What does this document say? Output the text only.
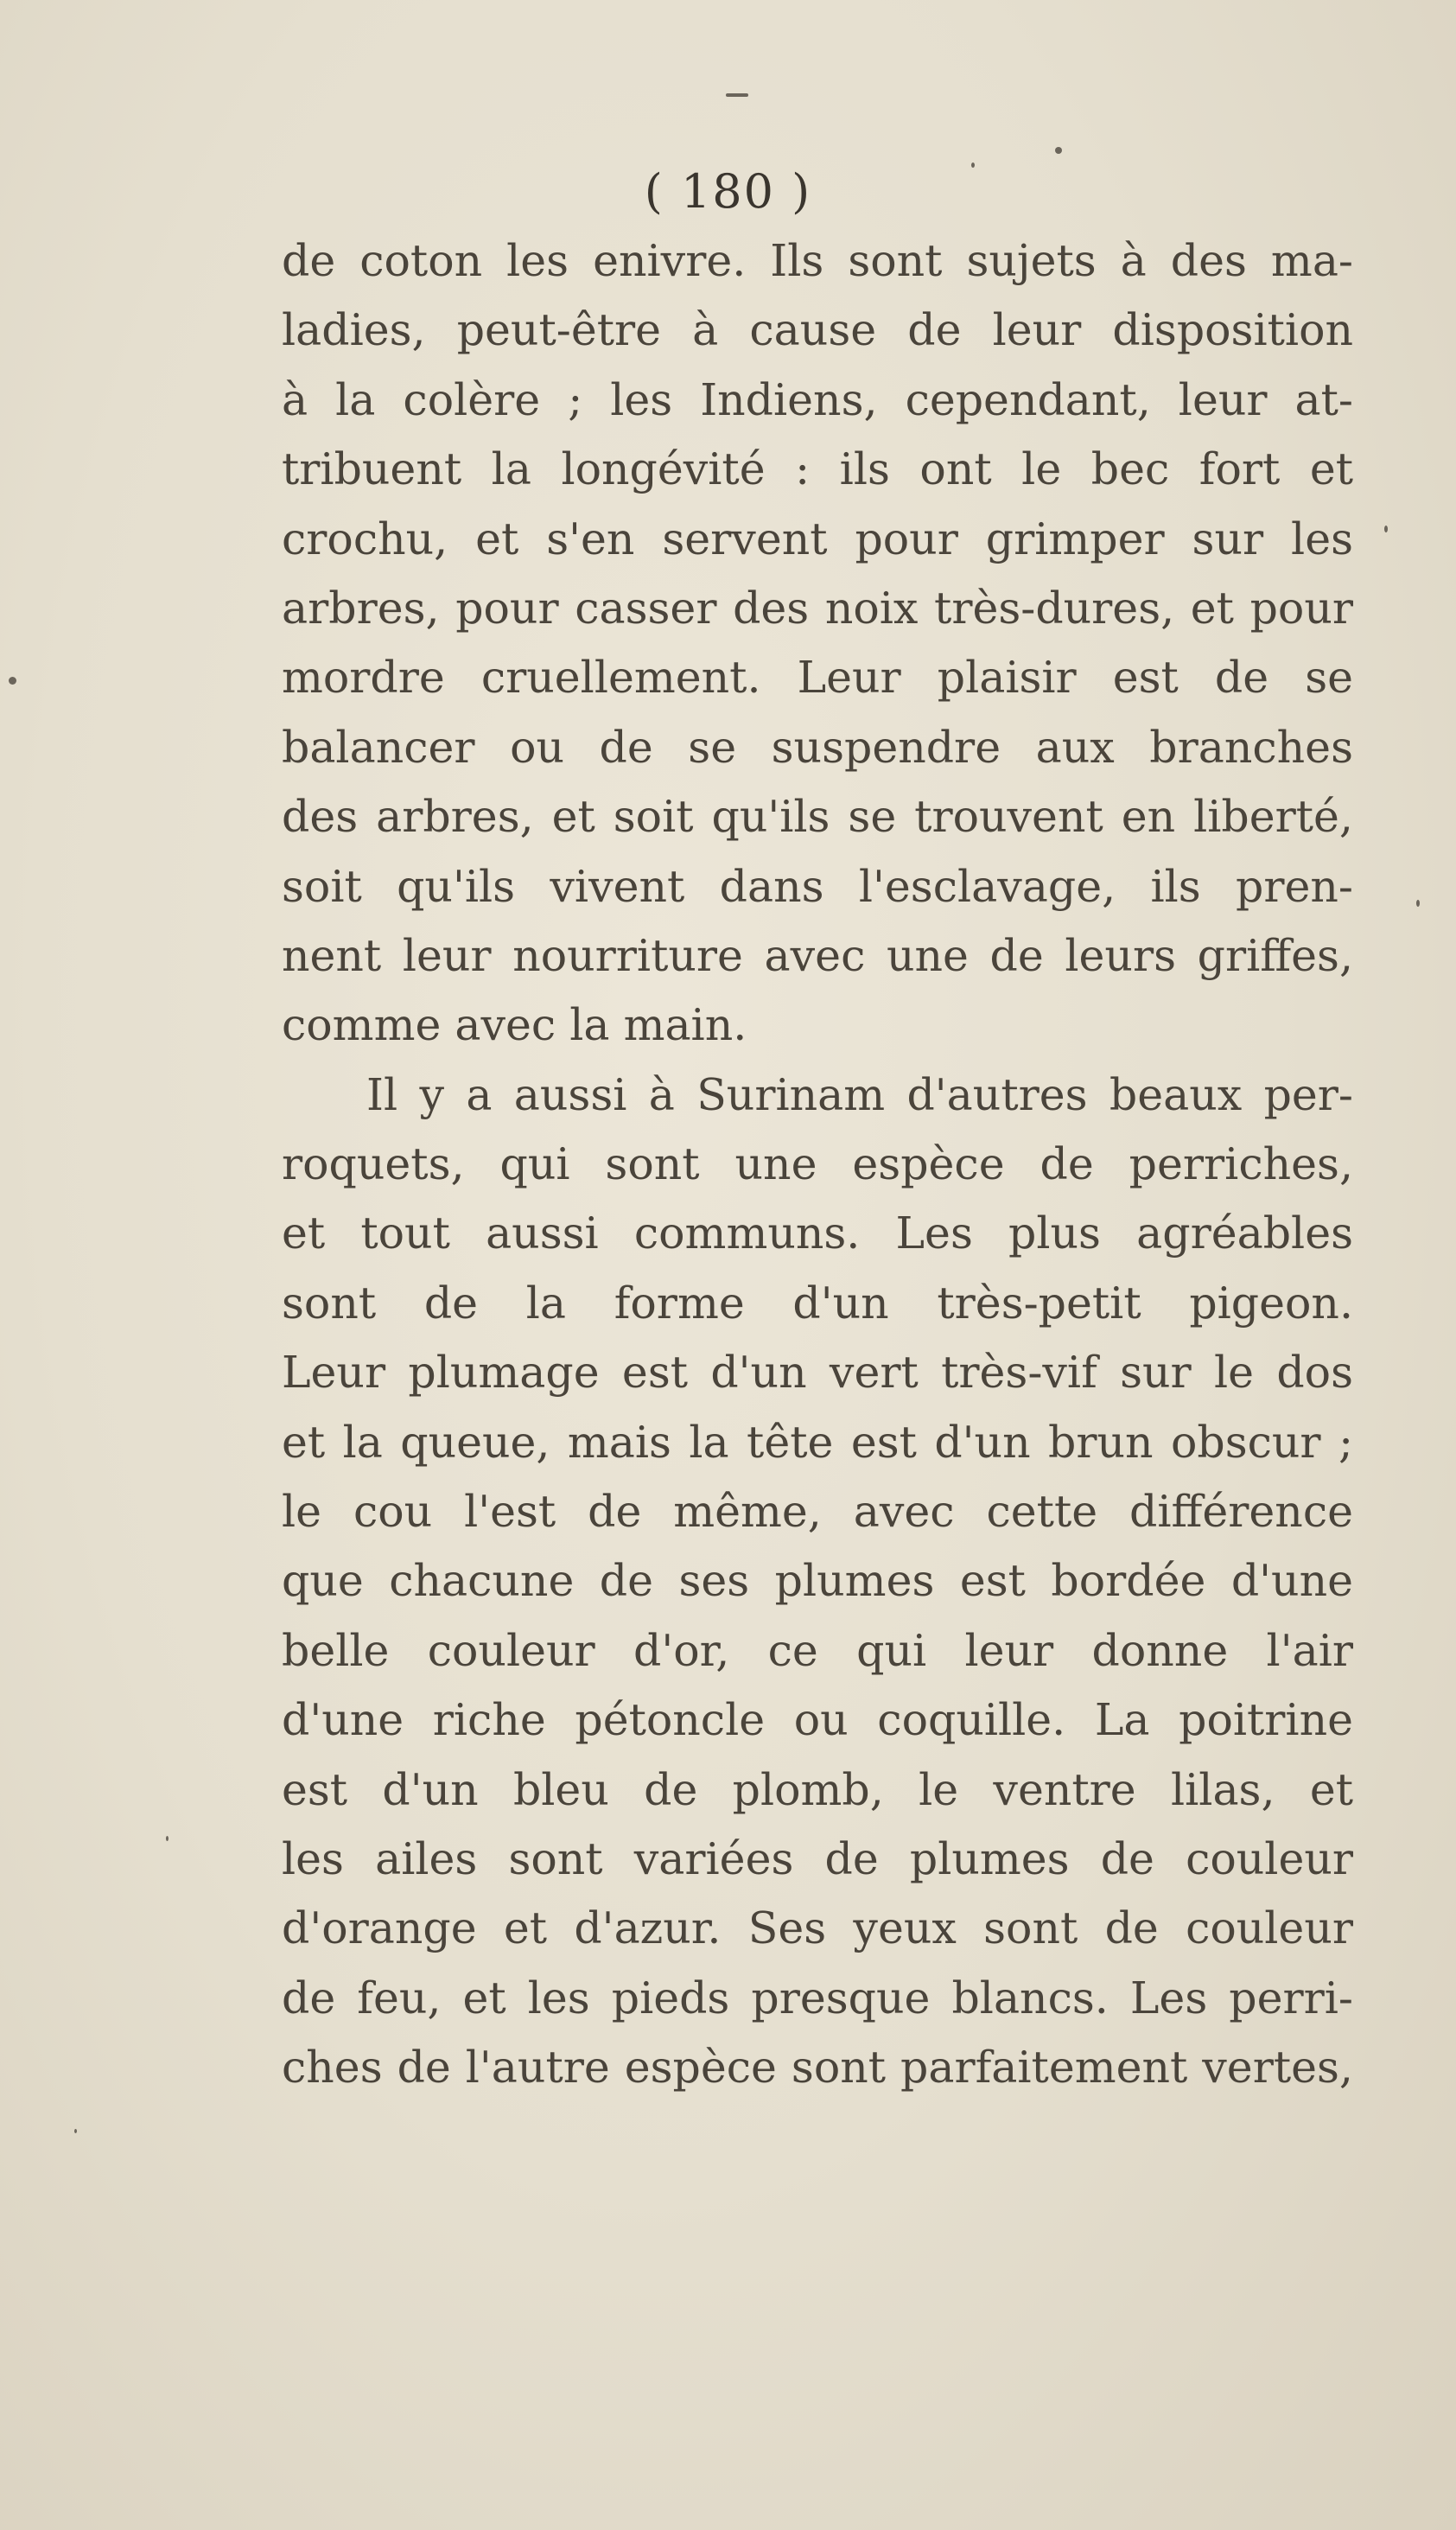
( 180 )
de coton les enivre. Ils sont sujets à des ma-
ladies, peut-être à cause de leur disposition
à la colère ; les Indiens, cependant, leur at-
tribuent la longévité : ils ont le bec fort et
crochu, et s'en servent pour grimper sur les
arbres, pour casser des noix très-dures, et pour
mordre cruellement. Leur plaisir est de se
balancer ou de se suspendre aux branches
des arbres, et soit qu'ils se trouvent en liberté,
soit qu'ils vivent dans l'esclavage, ils pren-
nent leur nourriture avec une de leurs griffes,
comme avec la main.
Il y a aussi à Surinam d'autres beaux per-
roquets, qui sont une espèce de perriches,
et tout aussi communs. Les plus agréables
sont de la forme d'un très-petit pigeon.
Leur plumage est d'un vert très-vif sur le dos
et la queue, mais la tête est d'un brun obscur ;
le cou l'est de même, avec cette différence
que chacune de ses plumes est bordée d'une
belle couleur d'or, ce qui leur donne l'air
d'une riche pétoncle ou coquille. La poitrine
est d'un bleu de plomb, le ventre lilas, et
les ailes sont variées de plumes de couleur
d'orange et d'azur. Ses yeux sont de couleur
de feu, et les pieds presque blancs. Les perri-
ches de l'autre espèce sont parfaitement vertes,
